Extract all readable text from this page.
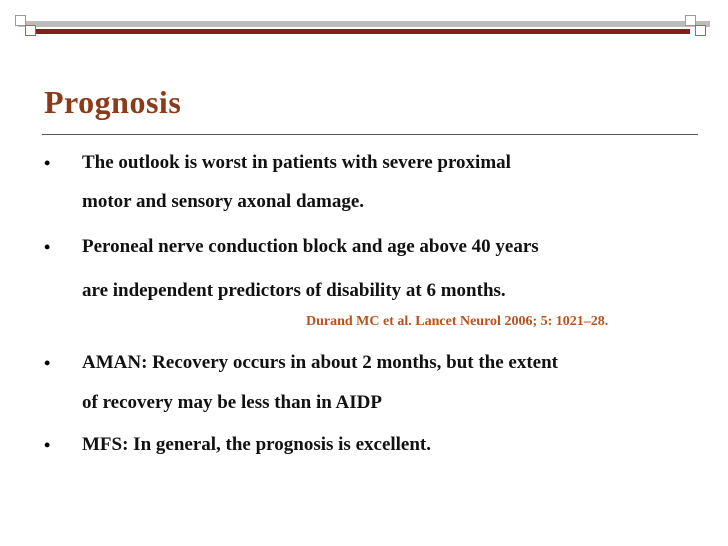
Prognosis
• The outlook is worst in patients with severe proximal
motor and sensory axonal damage.
• Peroneal nerve conduction block and age above 40 years
are independent predictors of disability at 6 months.
Durand MC et al. Lancet Neurol 2006; 5: 1021–28.
• AMAN: Recovery occurs in about 2 months, but the extent
of recovery may be less than in AIDP
• MFS: In general, the prognosis is excellent.
